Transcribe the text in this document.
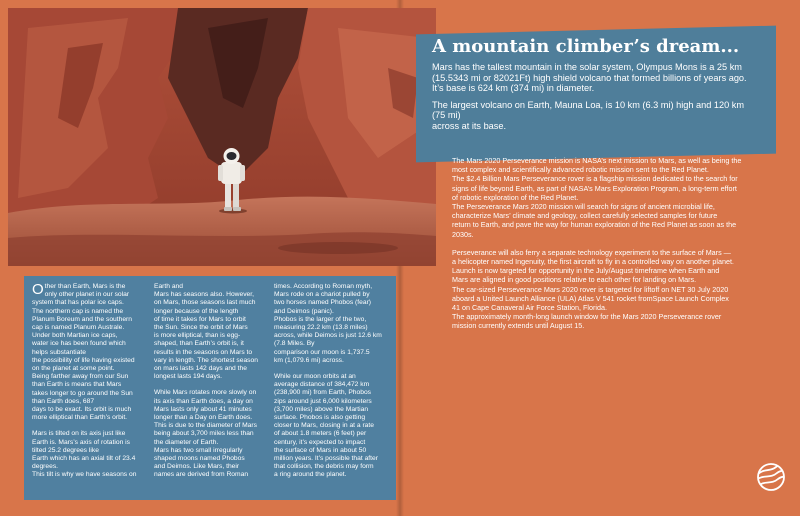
A mountain climber’s dream...

Mars has the tallest mountain in the solar system, Olympus Mons is a 25 km
(15.5343 mi or 82021Ft) high shield volcano that formed billions of years ago.
It’s base is 624 km (374 mi) in diameter.

The largest volcano on Earth, Mauna Loa, is 10 km (6.3 mi) high and 120 km
(75 mi)
across at its base.

The Mars 2020 Perseverance mission is NASA’s next mission to Mars, as well as being the

most complex and scientifically advanced robotic mission sent to the Red Planet.

The $2.4 Billion Mars Perseverance rover is a flagship mission dedicated to the search for

signs of life beyond Earth, as part of NASA’s Mars Exploration Program, a long-term effort

of robotic exploration of the Red Planet.

The Perseverance Mars 2020 mission will search for signs of ancient microbial life,

characterize Mars’ climate and geology, collect carefully selected samples for future

return to Earth, and pave the way for human exploration of the Red Planet as soon as the

2030s.

Perseverance will also ferry a separate technology experiment to the surface of Mars —

a helicopter named Ingenuity, the first aircraft to fly in a controlled way on another planet.

Launch is now targeted for opportunity in the July/August timeframe when Earth and

Mars are aligned in good positions relative to each other for landing on Mars.

The car-sized Perseverance Mars 2020 rover is targeted for liftoff on NET 30 July 2020

aboard a United Launch Alliance (ULA) Atlas V 541 rocket fromSpace Launch Complex

41 on Cape Canaveral Air Force Station, Florida.

The approximately month-long launch window for the Mars 2020 Perseverance rover

mission currently extends until August 15.

Other than Earth, Mars is the

only other planet in our solar

system that has polar ice caps.

The northern cap is named the

Planum Boreum and the southern

cap is named Planum Australe.

Under both Martian ice caps,

water ice has been found which

helps substantiate

the possibility of life having existed

on the planet at some point.

Being farther away from our Sun

than Earth is means that Mars

takes longer to go around the Sun

than Earth does, 687

days to be exact. Its orbit is much

more elliptical than Earth’s orbit.

Mars is tilted on its axis just like

Earth is. Mars’s axis of rotation is

tilted 25.2 degrees like

Earth which has an axial tilt of 23.4

degrees.

This tilt is why we have seasons on

Earth and

Mars has seasons also. However,

on Mars, those seasons last much

longer because of the length

of time it takes for Mars to orbit

the Sun. Since the orbit of Mars

is more elliptical, than is egg-

shaped, than Earth’s orbit is, it

results in the seasons on Mars to

vary in length. The shortest season

on mars lasts 142 days and the

longest lasts 194 days.

While Mars rotates more slowly on

its axis than Earth does, a day on

Mars lasts only about 41 minutes

longer than a Day on Earth does.

This is due to the diameter of Mars

being about 3,700 miles less than

the diameter of Earth.

Mars has two small irregularly

shaped moons named Phobos

and Deimos. Like Mars, their

names are derived from Roman

times. According to Roman myth,

Mars rode on a chariot pulled by

two horses named Phobos (fear)

and Deimos (panic).

Phobos is the larger of the two,

measuring 22.2 km (13.8 miles)

across, while Deimos is just 12.6 km

(7.8 Miles. By

comparison our moon is 1,737.5

km (1,079.6 mi) across.

While our moon orbits at an

average distance of 384,472 km

(238,900 mi) from Earth, Phobos

zips around just 6,000 kilometers

(3,700 miles) above the Martian

surface. Phobos is also getting

closer to Mars, closing in at a rate

of about 1.8 meters (6 feet) per

century, it’s expected to impact

the surface of Mars in about 50

million years. It’s possible that after

that collision, the debris may form

a ring around the planet.
